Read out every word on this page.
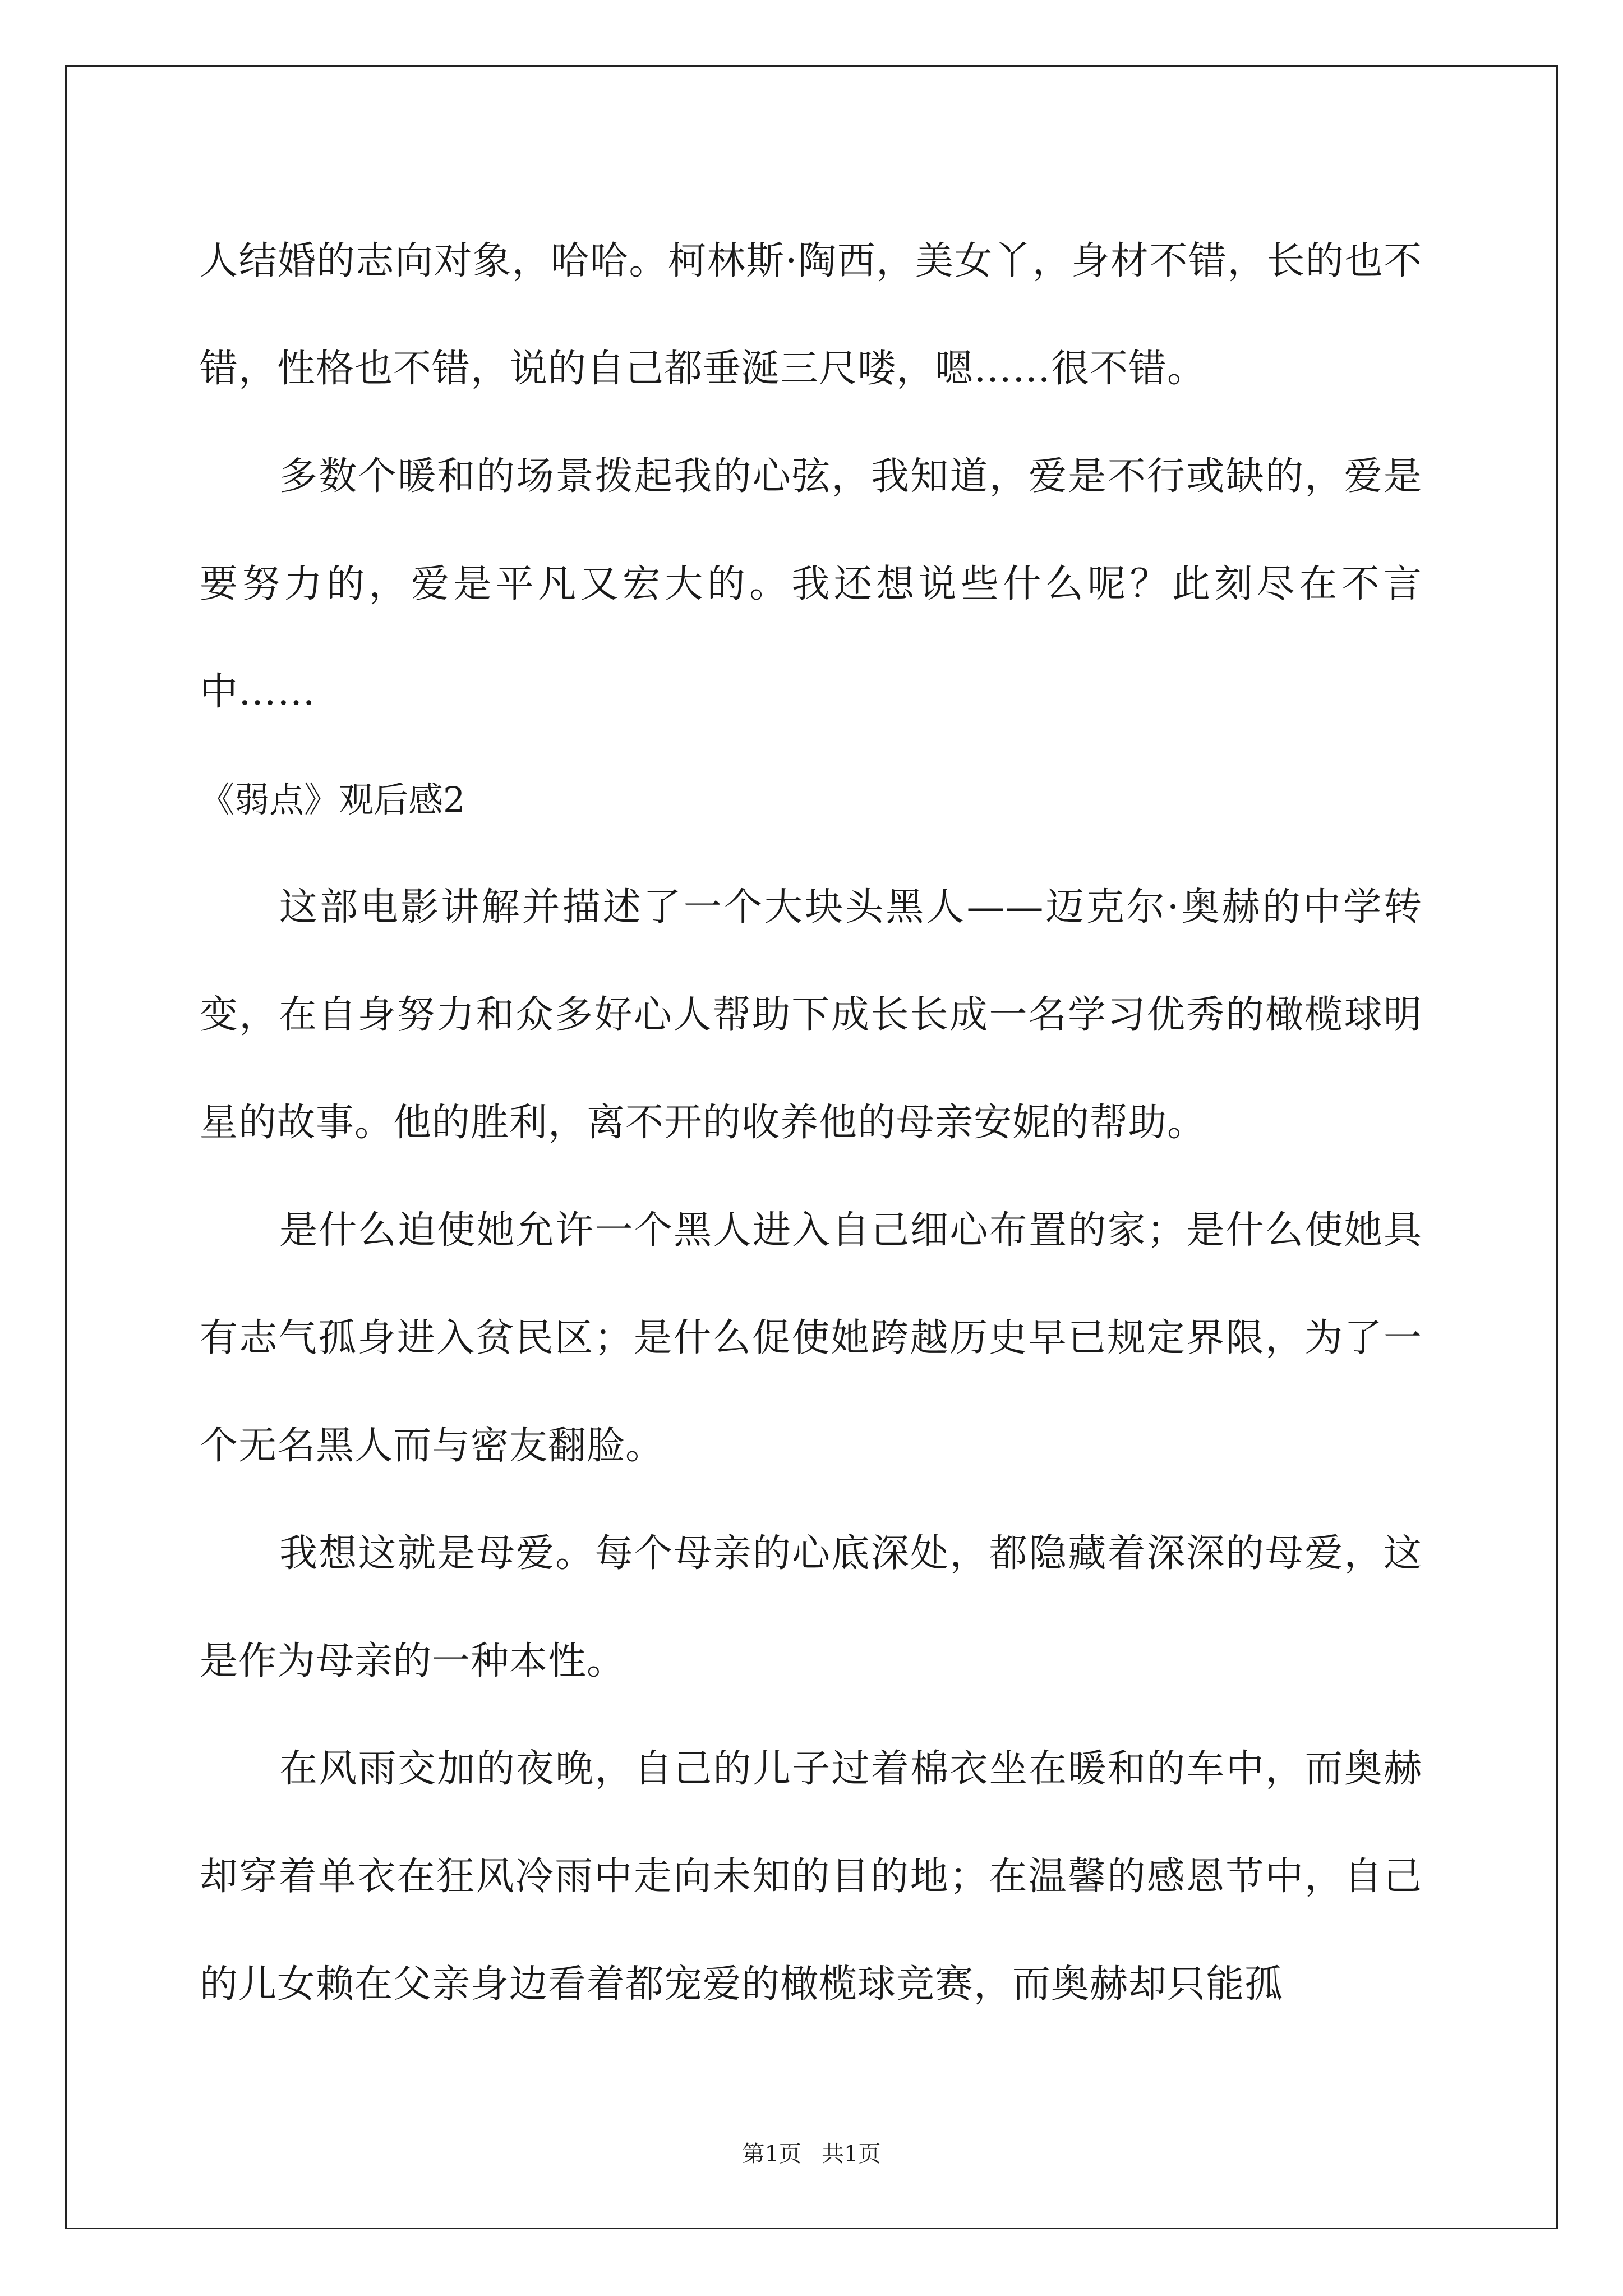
人结婚的志向对象，哈哈。柯林斯·陶西，美女丫，身材不错，长的也不错，性格也不错，说的自己都垂涎三尺喽，嗯……很不错。

多数个暖和的场景拨起我的心弦，我知道，爱是不行或缺的，爱是要努力的，爱是平凡又宏大的。我还想说些什么呢？此刻尽在不言中……

《弱点》观后感2

这部电影讲解并描述了一个大块头黑人——迈克尔·奥赫的中学转变，在自身努力和众多好心人帮助下成长长成一名学习优秀的橄榄球明星的故事。他的胜利，离不开的收养他的母亲安妮的帮助。

是什么迫使她允许一个黑人进入自己细心布置的家；是什么使她具有志气孤身进入贫民区；是什么促使她跨越历史早已规定界限，为了一个无名黑人而与密友翻脸。

我想这就是母爱。每个母亲的心底深处，都隐藏着深深的母爱，这是作为母亲的一种本性。

在风雨交加的夜晚，自己的儿子过着棉衣坐在暖和的车中，而奥赫却穿着单衣在狂风冷雨中走向未知的目的地；在温馨的感恩节中，自己的儿女赖在父亲身边看着都宠爱的橄榄球竞赛，而奥赫却只能孤

第1页 共1页
